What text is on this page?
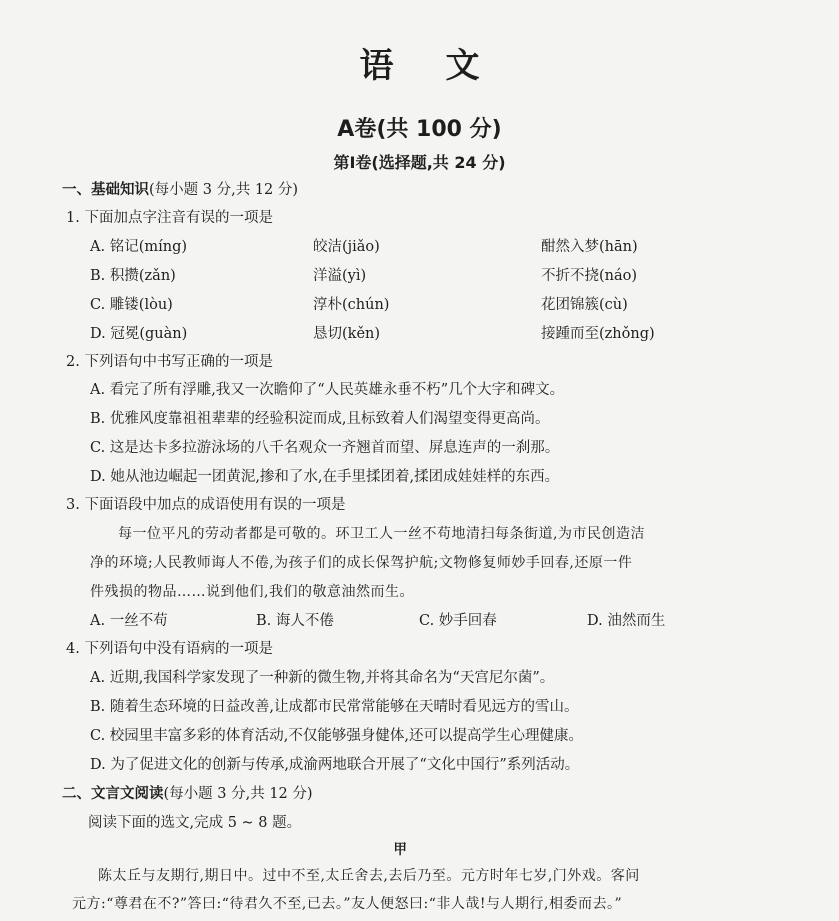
语文
A卷(共 100 分)
第Ⅰ卷(选择题,共 24 分)
一、基础知识(每小题 3 分,共 12 分)
1. 下面加点字注音有误的一项是
A. 铭记(míng)	皎洁(jiǎo)	酣然入梦(hān)
B. 积攒(zǎn)	洋溢(yì)	不折不挠(náo)
C. 雕镂(lòu)	淳朴(chún)	花团锦簇(cù)
D. 冠冕(guàn)	恳切(kěn)	接踵而至(zhǒng)
2. 下列语句中书写正确的一项是
A. 看完了所有浮雕,我又一次瞻仰了“人民英雄永垂不朽”几个大字和碑文。
B. 优雅风度靠祖祖辈辈的经验积淀而成,且标致着人们渴望变得更高尚。
C. 这是达卡多拉游泳场的八千名观众一齐翘首而望、屏息连声的一刹那。
D. 她从池边崛起一团黄泥,掺和了水,在手里揉团着,揉团成娃娃样的东西。
3. 下面语段中加点的成语使用有误的一项是
每一位平凡的劳动者都是可敬的。环卫工人一丝不苟地清扫每条街道,为市民创造洁
净的环境;人民教师诲人不倦,为孩子们的成长保驾护航;文物修复师妙手回春,还原一件
件残损的物品……说到他们,我们的敬意油然而生。
A. 一丝不苟	B. 诲人不倦	C. 妙手回春	D. 油然而生
4. 下列语句中没有语病的一项是
A. 近期,我国科学家发现了一种新的微生物,并将其命名为“天宫尼尔菌”。
B. 随着生态环境的日益改善,让成都市民常常能够在天晴时看见远方的雪山。
C. 校园里丰富多彩的体育活动,不仅能够强身健体,还可以提高学生心理健康。
D. 为了促进文化的创新与传承,成渝两地联合开展了“文化中国行”系列活动。
二、文言文阅读(每小题 3 分,共 12 分)
阅读下面的选文,完成 5 ~ 8 题。
甲
陈太丘与友期行,期日中。过中不至,太丘舍去,去后乃至。元方时年七岁,门外戏。客问
元方:“尊君在不?”答曰:“待君久不至,已去。”友人便怒曰:“非人哉!与人期行,相委而去。”
